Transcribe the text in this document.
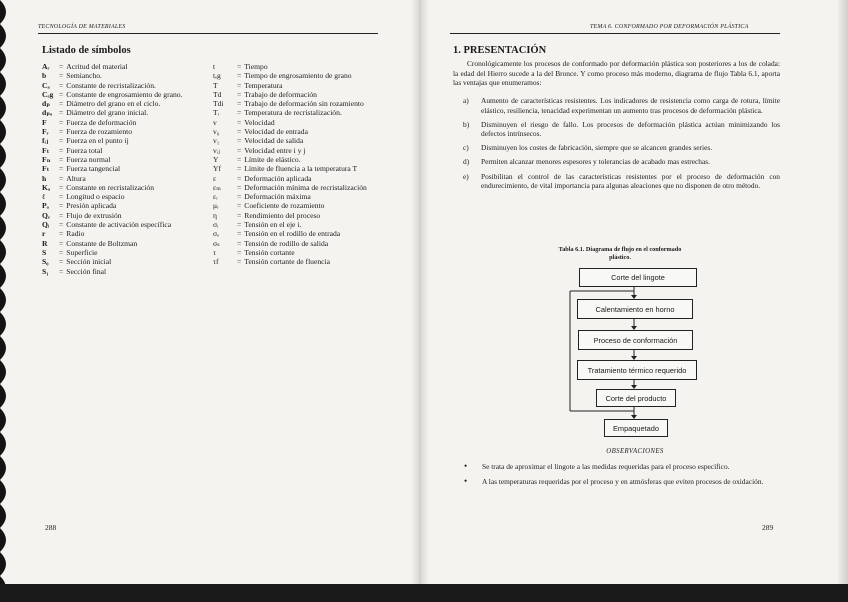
TECNOLOGÍA DE MATERIALES
Listado de símbolos
Aᵣ = Acritud del material
b = Semiancho.
Cₐ = Constante de recristalización.
Cₑg = Constante de engrosamiento de grano.
dₚ = Diámetro del grano en el ciclo.
dₚₒ = Diámetro del grano inicial.
F = Fuerza de deformación
Fᵣ = Fuerza de rozamiento
fᵢⱼ = Fuerza en el punto ij
Fₜ = Fuerza total
Fₙ = Fuerza normal
Fₜ = Fuerza tangencial
h = Altura
Kₐ = Constante en recristalización
ℓ = Longitud o espacio
Pₐ = Presión aplicada
Qₑ = Flujo de extrusión
Qᵢ = Constante de activación específica
r = Radio
R = Constante de Boltzman
S = Superficie
S₀ = Sección inicial
S₁ = Sección final
t	= Tiempo
tₑg = Tiempo de engrosamiento de grano
T	= Temperatura
Td = Trabajo de deformación
Tdi = Trabajo de deformación sin rozamiento
Tᵣ = Temperatura de recristalización.
v	= Velocidad
v₀ = Velocidad de entrada
v₁ = Velocidad de salida
vᵢⱼ = Velocidad entre i y j
Y = Límite de elástico.
Yf = Límite de fluencia a la temperatura T
ε	= Deformación aplicada
εₘ = Deformación mínima de recristalización
εᵣ	= Deformación máxima
μᵣ = Coeficiente de rozamiento
η	= Rendimiento del proceso
σᵢ = Tensión en el eje i.
σₑ = Tensión en el rodillo de entrada
σₛ = Tensión de rodillo de salida
τ	= Tensión cortante
τf = Tensión cortante de fluencia
288
TEMA 6. CONFORMADO POR DEFORMACIÓN PLÁSTICA
1. PRESENTACIÓN

Cronológicamente los procesos de conformado por deformación plástica son posteriores a los de colada: la edad del Hierro sucede a la del Bronce. Y como proceso más moderno, diagrama de flujo Tabla 6.1, aporta las ventajas que enumeramos:

a) Aumento de características resistentes. Los indicadores de resistencia como carga de rotura, límite elástico, resiliencia, tenacidad experimentan un aumento tras procesos de deformación plástica.
b) Disminuyen el riesgo de fallo. Los procesos de deformación plástica actúan minimizando los defectos intrínsecos.
c) Disminuyen los costes de fabricación, siempre que se alcancen grandes series.
d) Permiten alcanzar menores espesores y tolerancias de acabado mas estrechas.
e) Posibilitan el control de las características resistentes por el proceso de deformación con endurecimiento, de vital importancia para algunas aleaciones que no disponen de otro método.
Tabla 6.1. Diagrama de flujo en el conformado
plástico.
Corte del lingote
Calentamiento en horno
Proceso de conformación
Tratamiento térmico requerido
Corte del producto
Empaquetado
OBSERVACIONES
• Se trata de aproximar el lingote a las medidas requeridas para el proceso específico.
• A las temperaturas requeridas por el proceso y en atmósferas que eviten procesos de oxidación.
289
